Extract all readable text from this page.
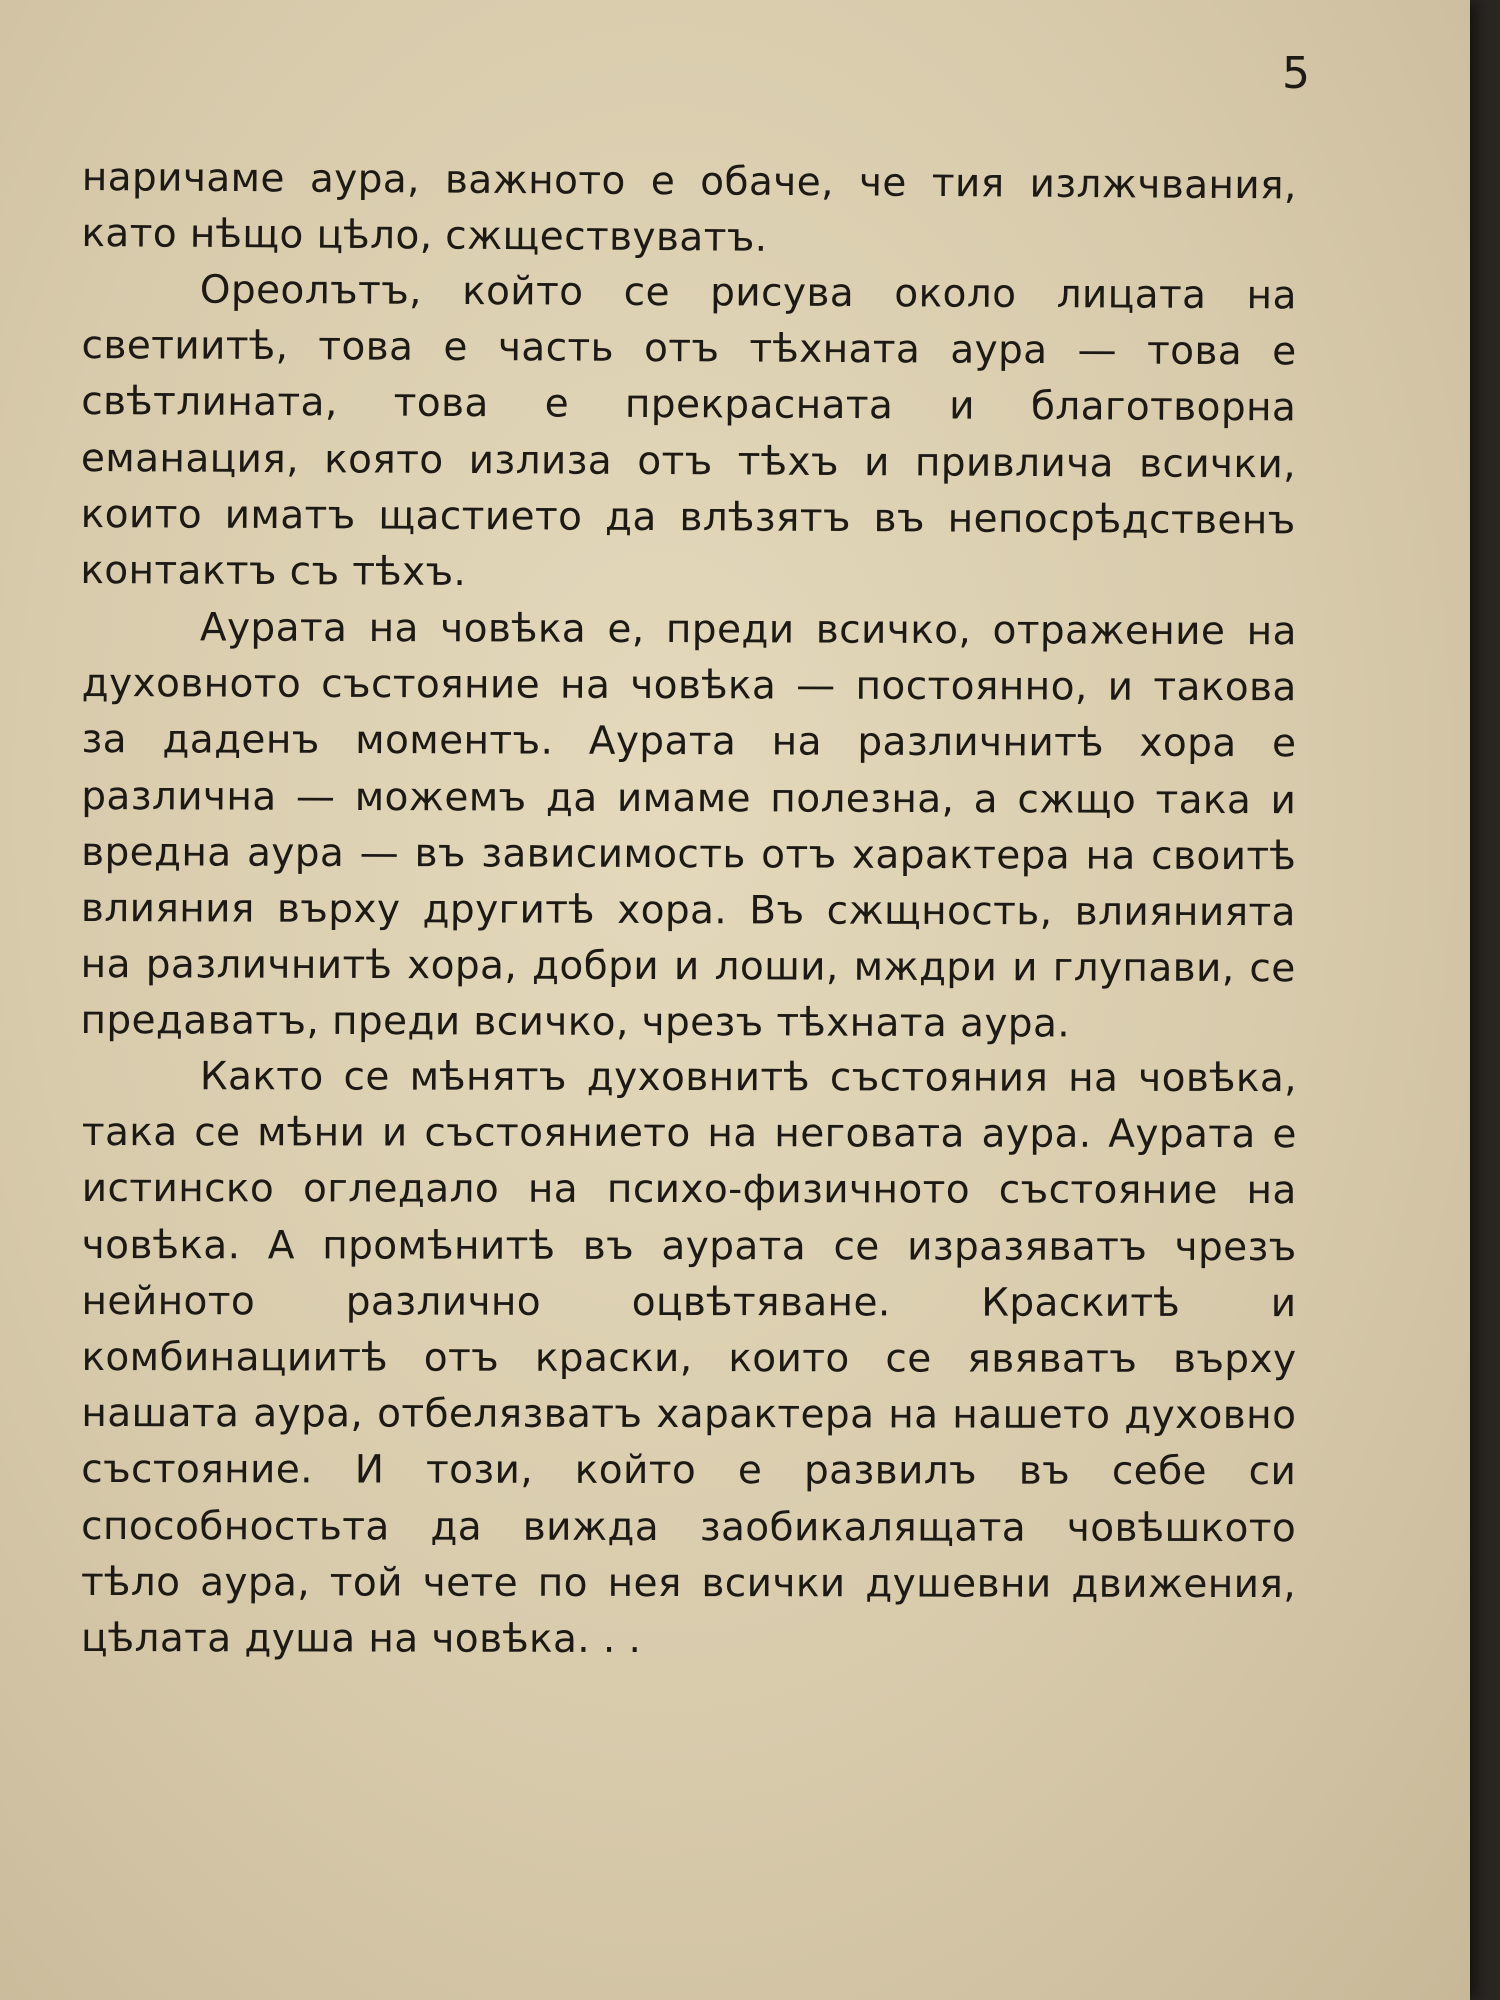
5

наричаме аура, важното е обаче, че тия излжчвания, като нѣщо цѣло, сжществуватъ.

Ореолътъ, който се рисува около лицата на светиитѣ, това е часть отъ тѣхната аура — това е свѣтлината, това е прекрасната и благотворна еманация, която излиза отъ тѣхъ и привлича всички, които иматъ щастието да влѣзятъ въ непосрѣдственъ контактъ съ тѣхъ.

Аурата на човѣка е, преди всичко, отражение на духовното състояние на човѣка — постоянно, и такова за даденъ моментъ. Аурата на различнитѣ хора е различна — можемъ да имаме полезна, а сжщо така и вредна аура — въ зависимость отъ характера на своитѣ влияния върху другитѣ хора. Въ сжщность, влиянията на различнитѣ хора, добри и лоши, мждри и глупави, се предаватъ, преди всичко, чрезъ тѣхната аура.

Както се мѣнятъ духовнитѣ състояния на човѣка, така се мѣни и състоянието на неговата аура. Аурата е истинско огледало на психо-физичното състояние на човѣка. А промѣнитѣ въ аурата се изразяватъ чрезъ нейното различно оцвѣтяване. Краскитѣ и комбинациитѣ отъ краски, които се явяватъ върху нашата аура, отбелязватъ характера на нашето духовно състояние. И този, който е развилъ въ себе си способностьта да вижда заобикалящата човѣшкото тѣло аура, той чете по нея всички душевни движения, цѣлата душа на човѣка. . .
